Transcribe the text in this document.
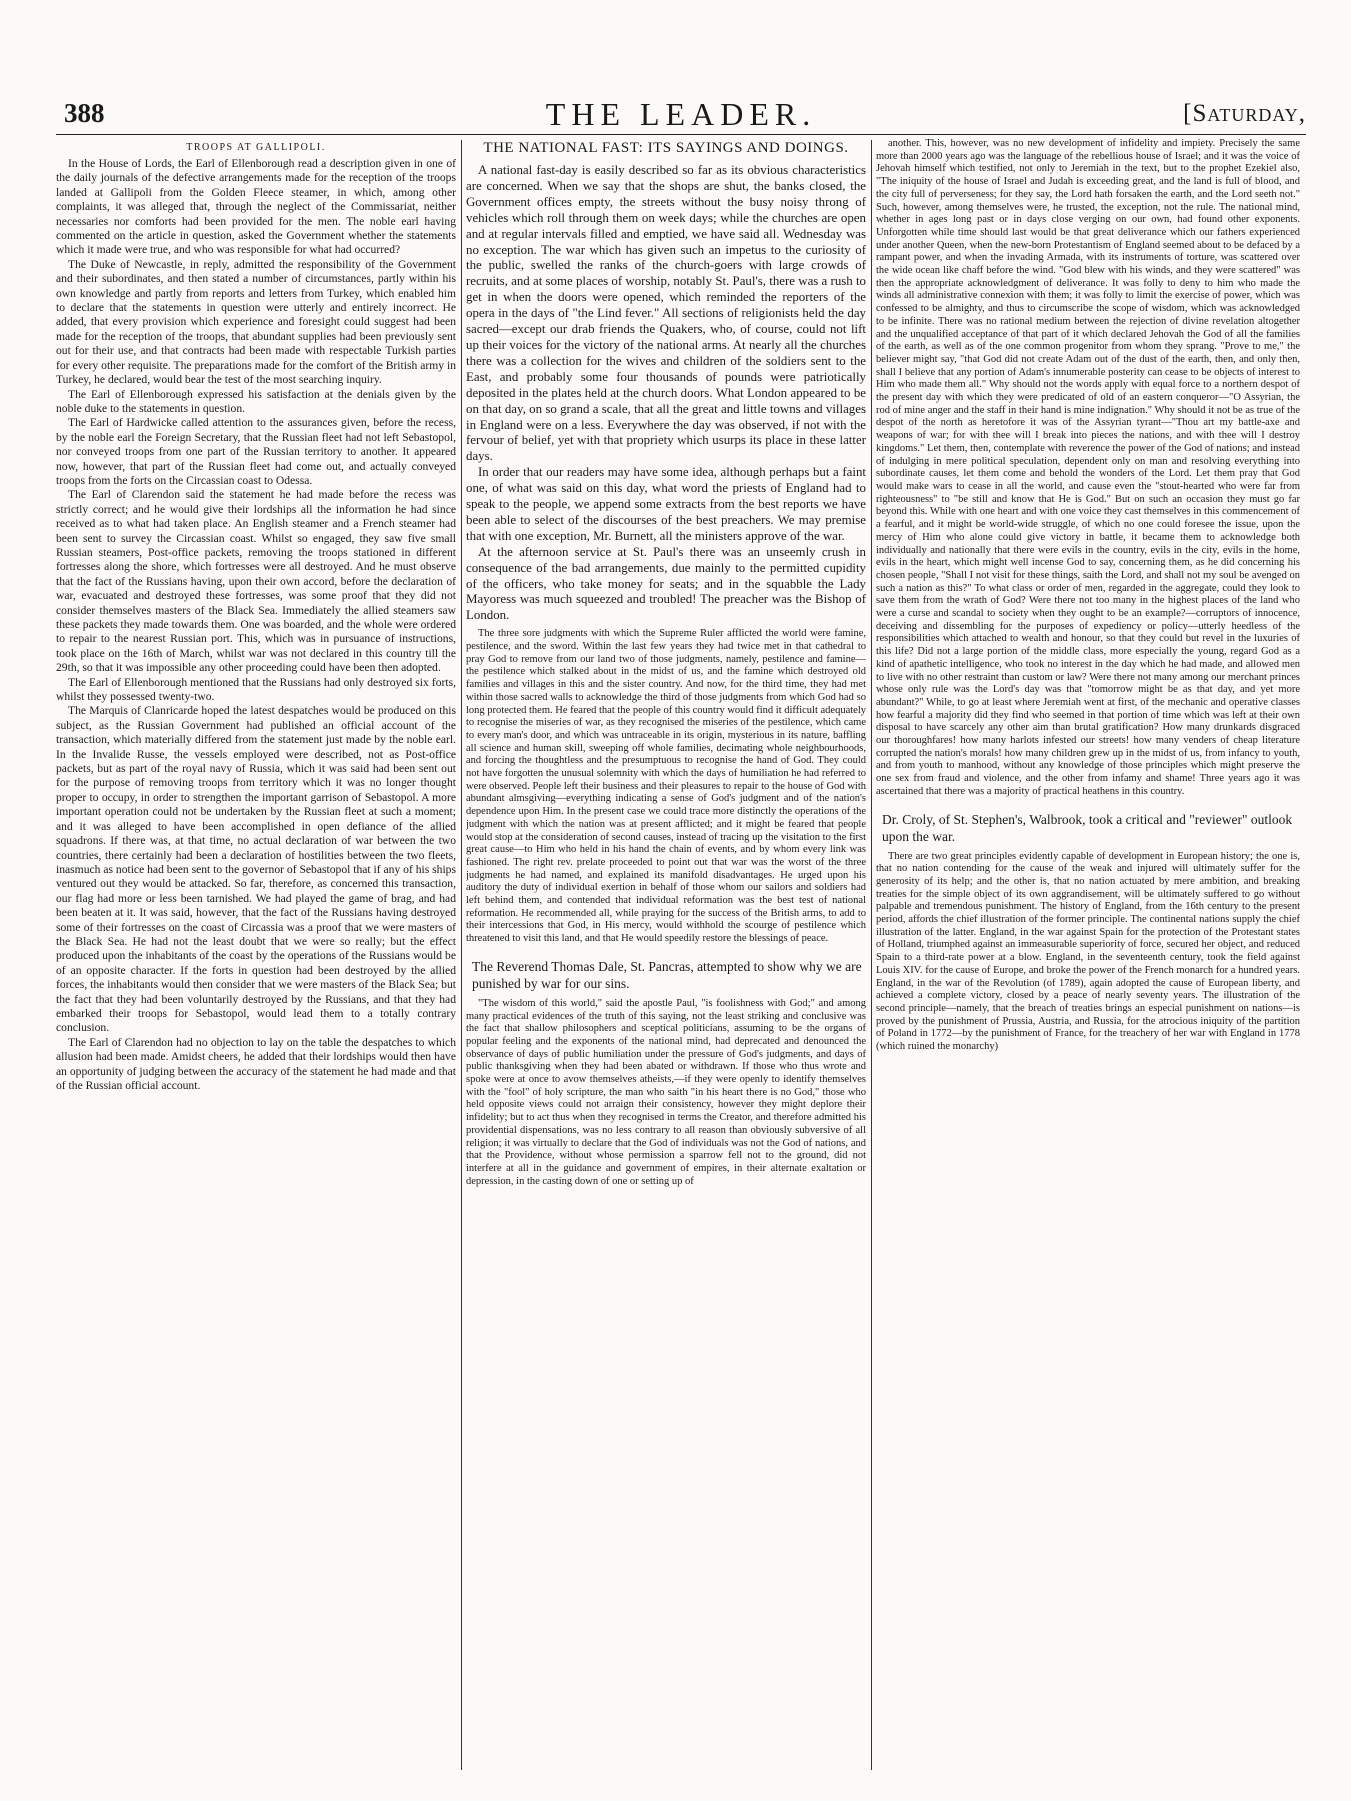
388	THE LEADER.	[Saturday,
TROOPS AT GALLIPOLI.

In the House of Lords, the Earl of Ellenborough read a description given in one of the daily journals of the defective arrangements made for the reception of the troops landed at Gallipoli from the Golden Fleece steamer, in which, among other complaints, it was alleged that, through the neglect of the Commissariat, neither necessaries nor comforts had been provided for the men. The noble earl having commented on the article in question, asked the Government whether the statements which it made were true, and who was responsible for what had occurred?

The Duke of Newcastle, in reply, admitted the responsibility of the Government and their subordinates, and then stated a number of circumstances, partly within his own knowledge and partly from reports and letters from Turkey, which enabled him to declare that the statements in question were utterly and entirely incorrect. He added, that every provision which experience and foresight could suggest had been made for the reception of the troops, that abundant supplies had been previously sent out for their use, and that contracts had been made with respectable Turkish parties for every other requisite. The preparations made for the comfort of the British army in Turkey, he declared, would bear the test of the most searching inquiry.

The Earl of Ellenborough expressed his satisfaction at the denials given by the noble duke to the statements in question.

The Earl of Hardwicke called attention to the assurances given, before the recess, by the noble earl the Foreign Secretary, that the Russian fleet had not left Sebastopol, nor conveyed troops from one part of the Russian territory to another. It appeared now, however, that part of the Russian fleet had come out, and actually conveyed troops from the forts on the Circassian coast to Odessa.

The Earl of Clarendon said the statement he had made before the recess was strictly correct; and he would give their lordships all the information he had since received as to what had taken place. An English steamer and a French steamer had been sent to survey the Circassian coast. Whilst so engaged, they saw five small Russian steamers, Post-office packets, removing the troops stationed in different fortresses along the shore, which fortresses were all destroyed. And he must observe that the fact of the Russians having, upon their own accord, before the declaration of war, evacuated and destroyed these fortresses, was some proof that they did not consider themselves masters of the Black Sea. Immediately the allied steamers saw these packets they made towards them. One was boarded, and the whole were ordered to repair to the nearest Russian port. This, which was in pursuance of instructions, took place on the 16th of March, whilst war was not declared in this country till the 29th, so that it was impossible any other proceeding could have been then adopted.

The Earl of Ellenborough mentioned that the Russians had only destroyed six forts, whilst they possessed twenty-two.

The Marquis of Clanricarde hoped the latest despatches would be produced on this subject, as the Russian Government had published an official account of the transaction, which materially differed from the statement just made by the noble earl. In the Invalide Russe, the vessels employed were described, not as Post-office packets, but as part of the royal navy of Russia, which it was said had been sent out for the purpose of removing troops from territory which it was no longer thought proper to occupy, in order to strengthen the important garrison of Sebastopol. A more important operation could not be undertaken by the Russian fleet at such a moment; and it was alleged to have been accomplished in open defiance of the allied squadrons. If there was, at that time, no actual declaration of war between the two countries, there certainly had been a declaration of hostilities between the two fleets, inasmuch as notice had been sent to the governor of Sebastopol that if any of his ships ventured out they would be attacked. So far, therefore, as concerned this transaction, our flag had more or less been tarnished. We had played the game of brag, and had been beaten at it. It was said, however, that the fact of the Russians having destroyed some of their fortresses on the coast of Circassia was a proof that we were masters of the Black Sea. He had not the least doubt that we were so really; but the effect produced upon the inhabitants of the coast by the operations of the Russians would be of an opposite character. If the forts in question had been destroyed by the allied forces, the inhabitants would then consider that we were masters of the Black Sea; but the fact that they had been voluntarily destroyed by the Russians, and that they had embarked their troops for Sebastopol, would lead them to a totally contrary conclusion.

The Earl of Clarendon had no objection to lay on the table the despatches to which allusion had been made. Amidst cheers, he added that their lordships would then have an opportunity of judging between the accuracy of the statement he had made and that of the Russian official account.

THE NATIONAL FAST: ITS SAYINGS AND DOINGS.

A national fast-day is easily described so far as its obvious characteristics are concerned. When we say that the shops are shut, the banks closed, the Government offices empty, the streets without the busy noisy throng of vehicles which roll through them on week days; while the churches are open and at regular intervals filled and emptied, we have said all. Wednesday was no exception. The war which has given such an impetus to the curiosity of the public, swelled the ranks of the church-goers with large crowds of recruits, and at some places of worship, notably St. Paul's, there was a rush to get in when the doors were opened, which reminded the reporters of the opera in the days of "the Lind fever." All sections of religionists held the day sacred—except our drab friends the Quakers, who, of course, could not lift up their voices for the victory of the national arms. At nearly all the churches there was a collection for the wives and children of the soldiers sent to the East, and probably some four thousands of pounds were patriotically deposited in the plates held at the church doors. What London appeared to be on that day, on so grand a scale, that all the great and little towns and villages in England were on a less. Everywhere the day was observed, if not with the fervour of belief, yet with that propriety which usurps its place in these latter days.

In order that our readers may have some idea, although perhaps but a faint one, of what was said on this day, what word the priests of England had to speak to the people, we append some extracts from the best reports we have been able to select of the discourses of the best preachers. We may premise that with one exception, Mr. Burnett, all the ministers approve of the war.

At the afternoon service at St. Paul's there was an unseemly crush in consequence of the bad arrangements, due mainly to the permitted cupidity of the officers, who take money for seats; and in the squabble the Lady Mayoress was much squeezed and troubled! The preacher was the Bishop of London.

The three sore judgments with which the Supreme Ruler afflicted the world were famine, pestilence, and the sword. Within the last few years they had twice met in that cathedral to pray God to remove from our land two of those judgments, namely, pestilence and famine—the pestilence which stalked about in the midst of us, and the famine which destroyed old families and villages in this and the sister country. And now, for the third time, they had met within those sacred walls to acknowledge the third of those judgments from which God had so long protected them. He feared that the people of this country would find it difficult adequately to recognise the miseries of war, as they recognised the miseries of the pestilence, which came to every man's door, and which was untraceable in its origin, mysterious in its nature, baffling all science and human skill, sweeping off whole families, decimating whole neighbourhoods, and forcing the thoughtless and the presumptuous to recognise the hand of God. They could not have forgotten the unusual solemnity with which the days of humiliation he had referred to were observed. People left their business and their pleasures to repair to the house of God with abundant almsgiving—everything indicating a sense of God's judgment and of the nation's dependence upon Him. In the present case we could trace more distinctly the operations of the judgment with which the nation was at present afflicted; and it might be feared that people would stop at the consideration of second causes, instead of tracing up the visitation to the first great cause—to Him who held in his hand the chain of events, and by whom every link was fashioned. The right rev. prelate proceeded to point out that war was the worst of the three judgments he had named, and explained its manifold disadvantages. He urged upon his auditory the duty of individual exertion in behalf of those whom our sailors and soldiers had left behind them, and contended that individual reformation was the best test of national reformation. He recommended all, while praying for the success of the British arms, to add to their intercessions that God, in His mercy, would withhold the scourge of pestilence which threatened to visit this land, and that He would speedily restore the blessings of peace.

The Reverend Thomas Dale, St. Pancras, attempted to show why we are punished by war for our sins.

"The wisdom of this world," said the apostle Paul, "is foolishness with God;" and among many practical evidences of the truth of this saying, not the least striking and conclusive was the fact that shallow philosophers and sceptical politicians, assuming to be the organs of popular feeling and the exponents of the national mind, had deprecated and denounced the observance of days of public humiliation under the pressure of God's judgments, and days of public thanksgiving when they had been abated or withdrawn. If those who thus wrote and spoke were at once to avow themselves atheists,—if they were openly to identify themselves with the "fool" of holy scripture, the man who saith "in his heart there is no God," those who held opposite views could not arraign their consistency, however they might deplore their infidelity; but to act thus when they recognised in terms the Creator, and therefore admitted his providential dispensations, was no less contrary to all reason than obviously subversive of all religion; it was virtually to declare that the God of individuals was not the God of nations, and that the Providence, without whose permission a sparrow fell not to the ground, did not interfere at all in the guidance and government of empires, in their alternate exaltation or depression, in the casting down of one or setting up of

another. This, however, was no new development of infidelity and impiety. Precisely the same more than 2000 years ago was the language of the rebellious house of Israel; and it was the voice of Jehovah himself which testified, not only to Jeremiah in the text, but to the prophet Ezekiel also, "The iniquity of the house of Israel and Judah is exceeding great, and the land is full of blood, and the city full of perverseness; for they say, the Lord hath forsaken the earth, and the Lord seeth not." Such, however, among themselves were, he trusted, the exception, not the rule. The national mind, whether in ages long past or in days close verging on our own, had found other exponents. Unforgotten while time should last would be that great deliverance which our fathers experienced under another Queen, when the new-born Protestantism of England seemed about to be defaced by a rampant power, and when the invading Armada, with its instruments of torture, was scattered over the wide ocean like chaff before the wind. "God blew with his winds, and they were scattered" was then the appropriate acknowledgment of deliverance. It was folly to deny to him who made the winds all administrative connexion with them; it was folly to limit the exercise of power, which was confessed to be almighty, and thus to circumscribe the scope of wisdom, which was acknowledged to be infinite. There was no rational medium between the rejection of divine revelation altogether and the unqualified acceptance of that part of it which declared Jehovah the God of all the families of the earth, as well as of the one common progenitor from whom they sprang. "Prove to me," the believer might say, "that God did not create Adam out of the dust of the earth, then, and only then, shall I believe that any portion of Adam's innumerable posterity can cease to be objects of interest to Him who made them all." Why should not the words apply with equal force to a northern despot of the present day with which they were predicated of old of an eastern conqueror—"O Assyrian, the rod of mine anger and the staff in their hand is mine indignation." Why should it not be as true of the despot of the north as heretofore it was of the Assyrian tyrant—"Thou art my battle-axe and weapons of war; for with thee will I break into pieces the nations, and with thee will I destroy kingdoms." Let them, then, contemplate with reverence the power of the God of nations; and instead of indulging in mere political speculation, dependent only on man and resolving everything into subordinate causes, let them come and behold the wonders of the Lord. Let them pray that God would make wars to cease in all the world, and cause even the "stout-hearted who were far from righteousness" to "be still and know that He is God." But on such an occasion they must go far beyond this. While with one heart and with one voice they cast themselves in this commencement of a fearful, and it might be world-wide struggle, of which no one could foresee the issue, upon the mercy of Him who alone could give victory in battle, it became them to acknowledge both individually and nationally that there were evils in the country, evils in the city, evils in the home, evils in the heart, which might well incense God to say, concerning them, as he did concerning his chosen people, "Shall I not visit for these things, saith the Lord, and shall not my soul be avenged on such a nation as this?" To what class or order of men, regarded in the aggregate, could they look to save them from the wrath of God? Were there not too many in the highest places of the land who were a curse and scandal to society when they ought to be an example?—corruptors of innocence, deceiving and dissembling for the purposes of expediency or policy—utterly heedless of the responsibilities which attached to wealth and honour, so that they could but revel in the luxuries of this life? Did not a large portion of the middle class, more especially the young, regard God as a kind of apathetic intelligence, who took no interest in the day which he had made, and allowed men to live with no other restraint than custom or law? Were there not many among our merchant princes whose only rule was the Lord's day was that "tomorrow might be as that day, and yet more abundant?" While, to go at least where Jeremiah went at first, of the mechanic and operative classes how fearful a majority did they find who seemed in that portion of time which was left at their own disposal to have scarcely any other aim than brutal gratification? How many drunkards disgraced our thoroughfares! how many harlots infested our streets! how many venders of cheap literature corrupted the nation's morals! how many children grew up in the midst of us, from infancy to youth, and from youth to manhood, without any knowledge of those principles which might preserve the one sex from fraud and violence, and the other from infamy and shame! Three years ago it was ascertained that there was a majority of practical heathens in this country.

Dr. Croly, of St. Stephen's, Walbrook, took a critical and "reviewer" outlook upon the war.

There are two great principles evidently capable of development in European history; the one is, that no nation contending for the cause of the weak and injured will ultimately suffer for the generosity of its help; and the other is, that no nation actuated by mere ambition, and breaking treaties for the simple object of its own aggrandisement, will be ultimately suffered to go without palpable and tremendous punishment. The history of England, from the 16th century to the present period, affords the chief illustration of the former principle. The continental nations supply the chief illustration of the latter. England, in the war against Spain for the protection of the Protestant states of Holland, triumphed against an immeasurable superiority of force, secured her object, and reduced Spain to a third-rate power at a blow. England, in the seventeenth century, took the field against Louis XIV. for the cause of Europe, and broke the power of the French monarch for a hundred years. England, in the war of the Revolution (of 1789), again adopted the cause of European liberty, and achieved a complete victory, closed by a peace of nearly seventy years. The illustration of the second principle—namely, that the breach of treaties brings an especial punishment on nations—is proved by the punishment of Prussia, Austria, and Russia, for the atrocious iniquity of the partition of Poland in 1772—by the punishment of France, for the treachery of her war with England in 1778 (which ruined the monarchy)
